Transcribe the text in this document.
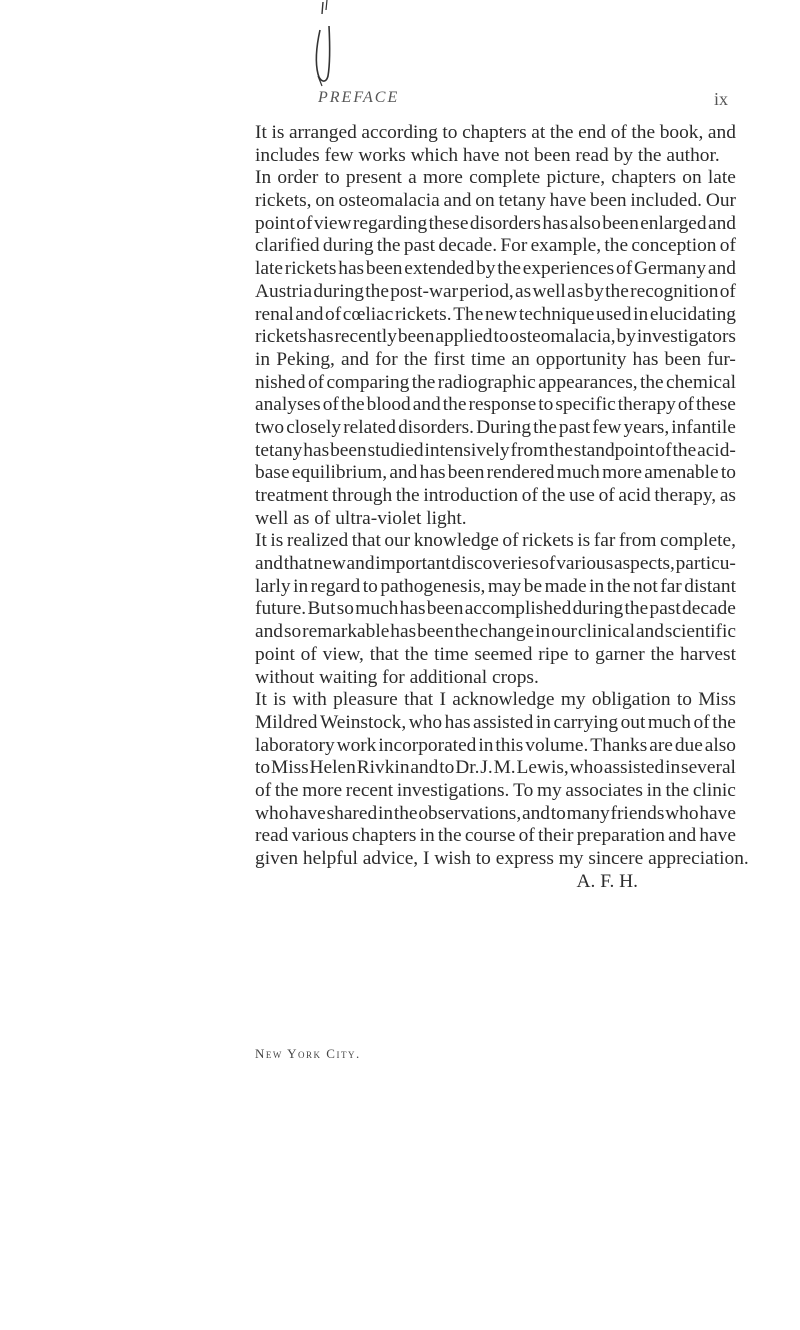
PREFACE	ix
It is arranged according to chapters at the end of the book, and
includes few works which have not been read by the author.
In order to present a more complete picture, chapters on late
rickets, on osteomalacia and on tetany have been included. Our
point of view regarding these disorders has also been enlarged and
clarified during the past decade. For example, the conception of
late rickets has been extended by the experiences of Germany and
Austria during the post-war period, as well as by the recognition of
renal and of cœliac rickets. The new technique used in elucidating
rickets has recently been applied to osteomalacia, by investigators
in Peking, and for the first time an opportunity has been fur-
nished of comparing the radiographic appearances, the chemical
analyses of the blood and the response to specific therapy of these
two closely related disorders. During the past few years, infantile
tetany has been studied intensively from the standpoint of the acid-
base equilibrium, and has been rendered much more amenable to
treatment through the introduction of the use of acid therapy, as
well as of ultra-violet light.
It is realized that our knowledge of rickets is far from complete,
and that new and important discoveries of various aspects, particu-
larly in regard to pathogenesis, may be made in the not far distant
future. But so much has been accomplished during the past decade
and so remarkable has been the change in our clinical and scientific
point of view, that the time seemed ripe to garner the harvest
without waiting for additional crops.
It is with pleasure that I acknowledge my obligation to Miss
Mildred Weinstock, who has assisted in carrying out much of the
laboratory work incorporated in this volume. Thanks are due also
to Miss Helen Rivkin and to Dr. J. M. Lewis, who assisted in several
of the more recent investigations. To my associates in the clinic
who have shared in the observations, and to many friends who have
read various chapters in the course of their preparation and have
given helpful advice, I wish to express my sincere appreciation.
A. F. H.
New York City.
